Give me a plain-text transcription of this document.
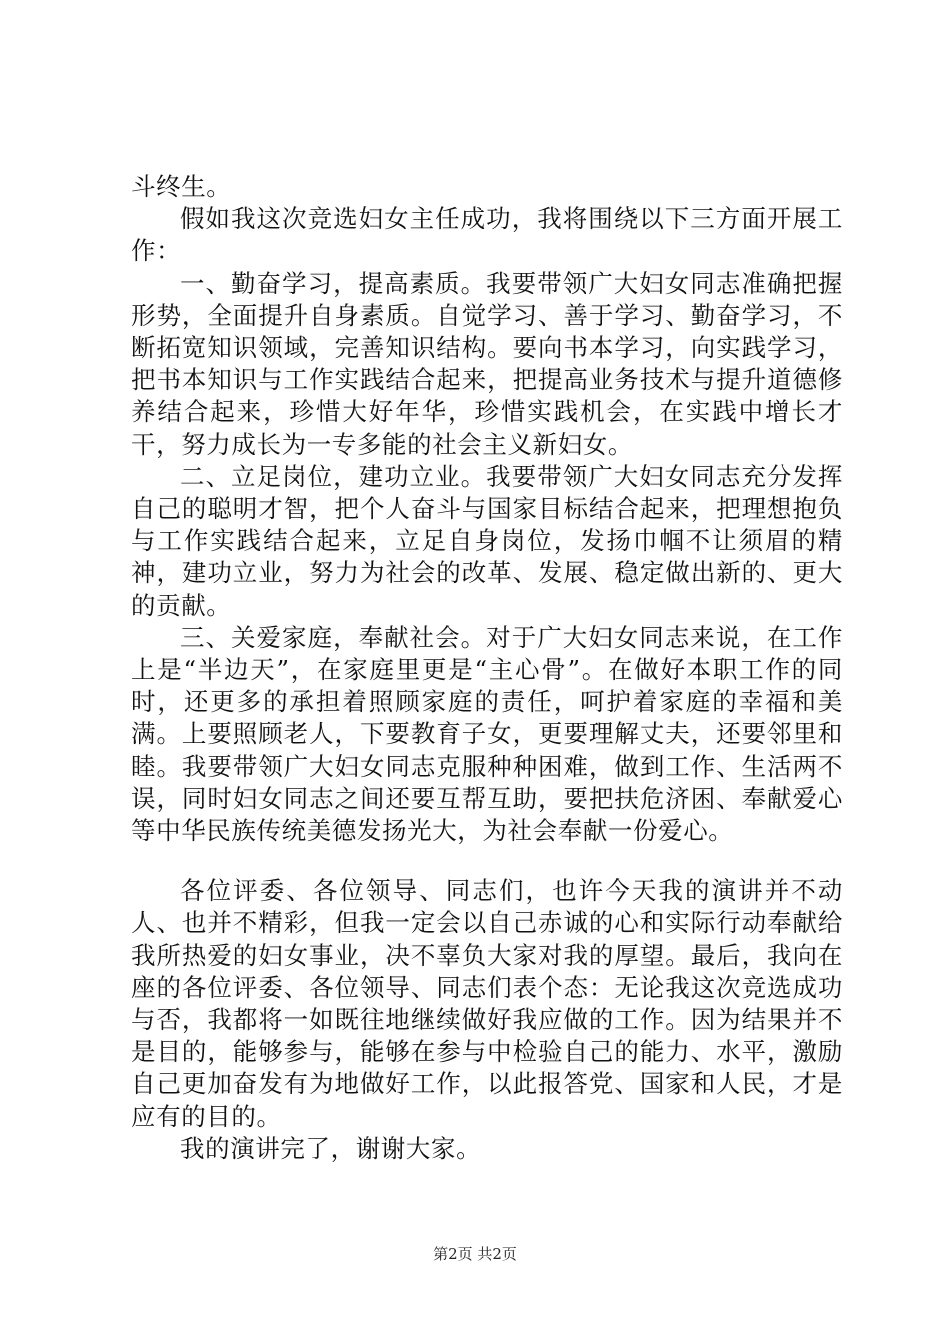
斗终生。

假如我这次竞选妇女主任成功，我将围绕以下三方面开展工作：

一、勤奋学习，提高素质。我要带领广大妇女同志准确把握形势，全面提升自身素质。自觉学习、善于学习、勤奋学习，不断拓宽知识领域，完善知识结构。要向书本学习，向实践学习，把书本知识与工作实践结合起来，把提高业务技术与提升道德修养结合起来，珍惜大好年华，珍惜实践机会，在实践中增长才干，努力成长为一专多能的社会主义新妇女。

二、立足岗位，建功立业。我要带领广大妇女同志充分发挥自己的聪明才智，把个人奋斗与国家目标结合起来，把理想抱负与工作实践结合起来，立足自身岗位，发扬巾帼不让须眉的精神，建功立业，努力为社会的改革、发展、稳定做出新的、更大的贡献。

三、关爱家庭，奉献社会。对于广大妇女同志来说，在工作上是“半边天”，在家庭里更是“主心骨”。在做好本职工作的同时，还更多的承担着照顾家庭的责任，呵护着家庭的幸福和美满。上要照顾老人，下要教育子女，更要理解丈夫，还要邻里和睦。我要带领广大妇女同志克服种种困难，做到工作、生活两不误，同时妇女同志之间还要互帮互助，要把扶危济困、奉献爱心等中华民族传统美德发扬光大，为社会奉献一份爱心。

各位评委、各位领导、同志们，也许今天我的演讲并不动人、也并不精彩，但我一定会以自己赤诚的心和实际行动奉献给我所热爱的妇女事业，决不辜负大家对我的厚望。最后，我向在座的各位评委、各位领导、同志们表个态：无论我这次竞选成功与否，我都将一如既往地继续做好我应做的工作。因为结果并不是目的，能够参与，能够在参与中检验自己的能力、水平，激励自己更加奋发有为地做好工作，以此报答党、国家和人民，才是应有的目的。

我的演讲完了，谢谢大家。

第2页 共2页
